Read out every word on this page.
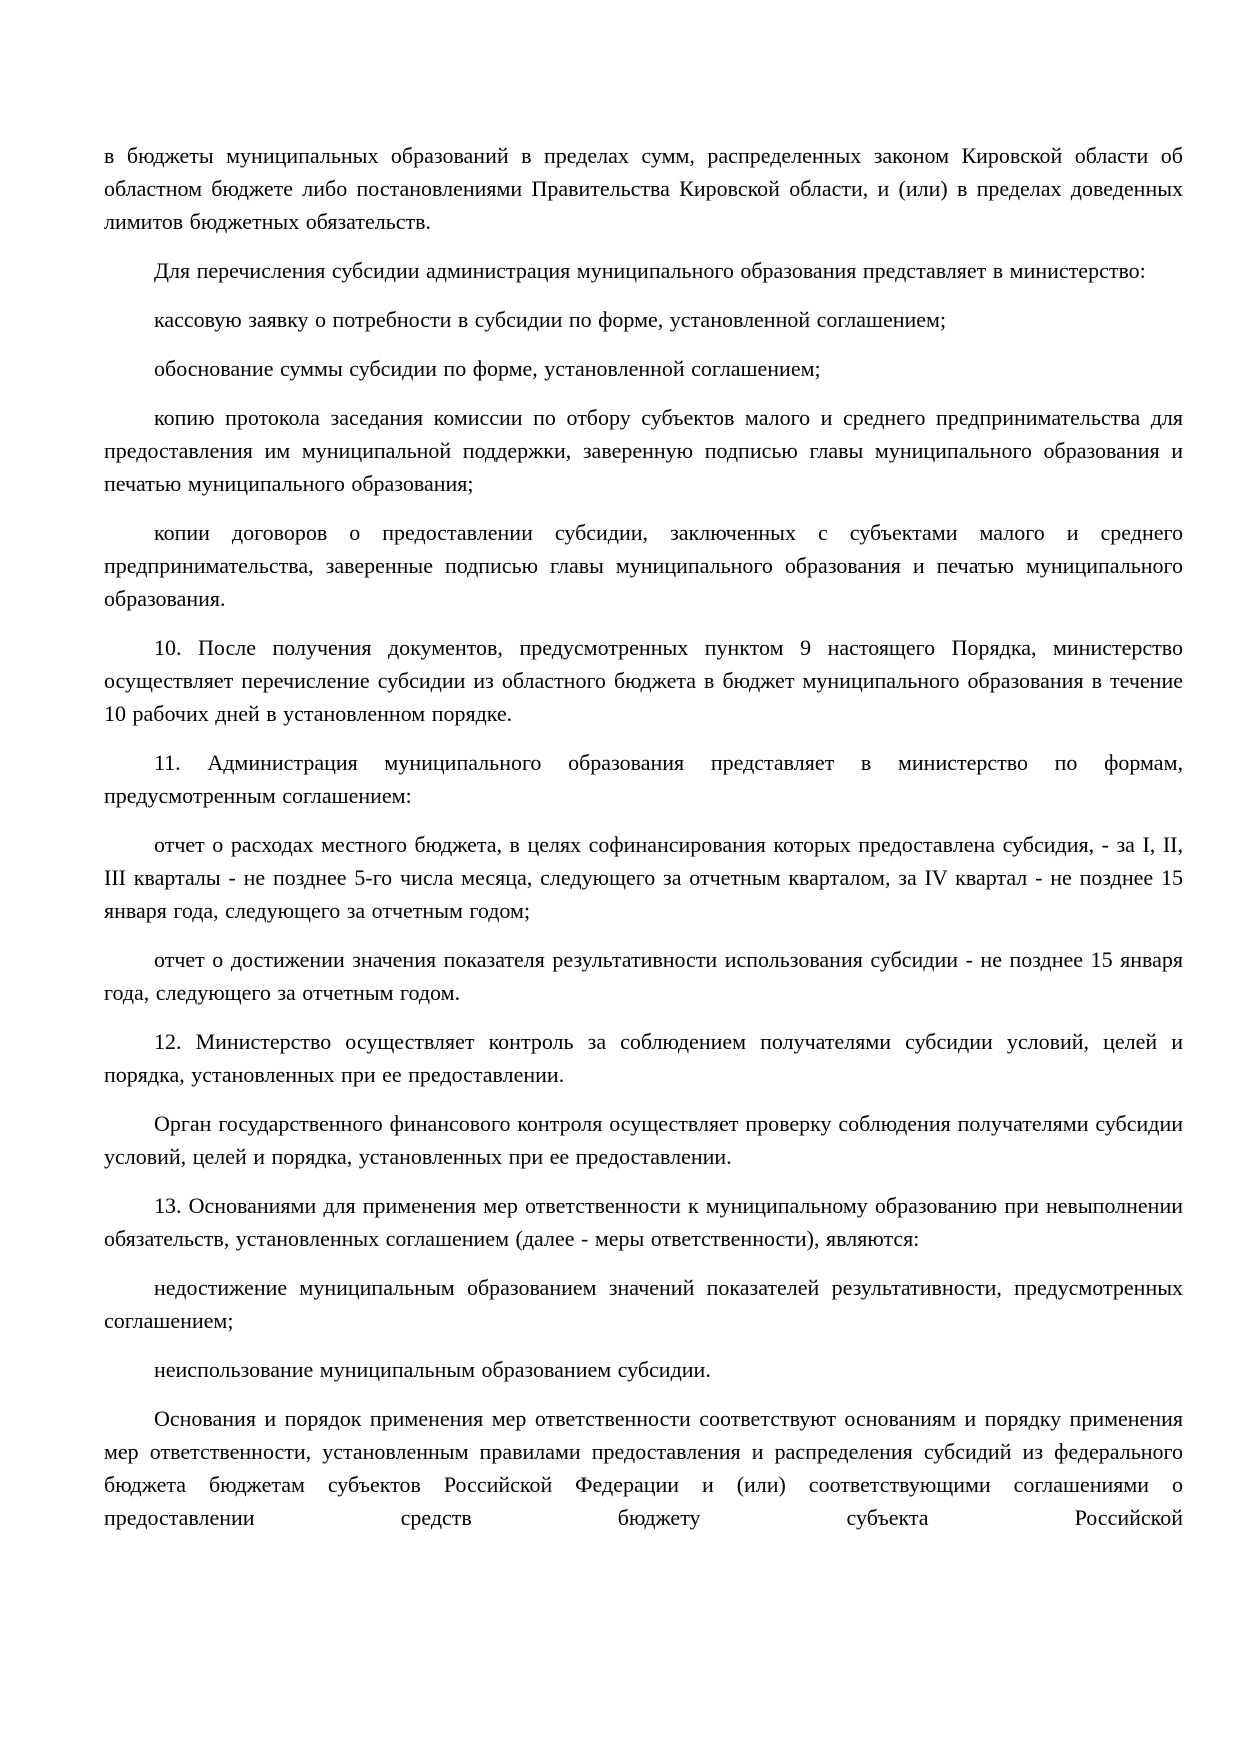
в бюджеты муниципальных образований в пределах сумм, распределенных законом Кировской области об областном бюджете либо постановлениями Правительства Кировской области, и (или) в пределах доведенных лимитов бюджетных обязательств.

Для перечисления субсидии администрация муниципального образования представляет в министерство:

кассовую заявку о потребности в субсидии по форме, установленной соглашением;

обоснование суммы субсидии по форме, установленной соглашением;

копию протокола заседания комиссии по отбору субъектов малого и среднего предпринимательства для предоставления им муниципальной поддержки, заверенную подписью главы муниципального образования и печатью муниципального образования;

копии договоров о предоставлении субсидии, заключенных с субъектами малого и среднего предпринимательства, заверенные подписью главы муниципального образования и печатью муниципального образования.

10. После получения документов, предусмотренных пунктом 9 настоящего Порядка, министерство осуществляет перечисление субсидии из областного бюджета в бюджет муниципального образования в течение 10 рабочих дней в установленном порядке.

11. Администрация муниципального образования представляет в министерство по формам, предусмотренным соглашением:

отчет о расходах местного бюджета, в целях софинансирования которых предоставлена субсидия, - за I, II, III кварталы - не позднее 5-го числа месяца, следующего за отчетным кварталом, за IV квартал - не позднее 15 января года, следующего за отчетным годом;

отчет о достижении значения показателя результативности использования субсидии - не позднее 15 января года, следующего за отчетным годом.

12. Министерство осуществляет контроль за соблюдением получателями субсидии условий, целей и порядка, установленных при ее предоставлении.

Орган государственного финансового контроля осуществляет проверку соблюдения получателями субсидии условий, целей и порядка, установленных при ее предоставлении.

13. Основаниями для применения мер ответственности к муниципальному образованию при невыполнении обязательств, установленных соглашением (далее - меры ответственности), являются:

недостижение муниципальным образованием значений показателей результативности, предусмотренных соглашением;

неиспользование муниципальным образованием субсидии.

Основания и порядок применения мер ответственности соответствуют основаниям и порядку применения мер ответственности, установленным правилами предоставления и распределения субсидий из федерального бюджета бюджетам субъектов Российской Федерации и (или) соответствующими соглашениями о предоставлении средств бюджету субъекта Российской
